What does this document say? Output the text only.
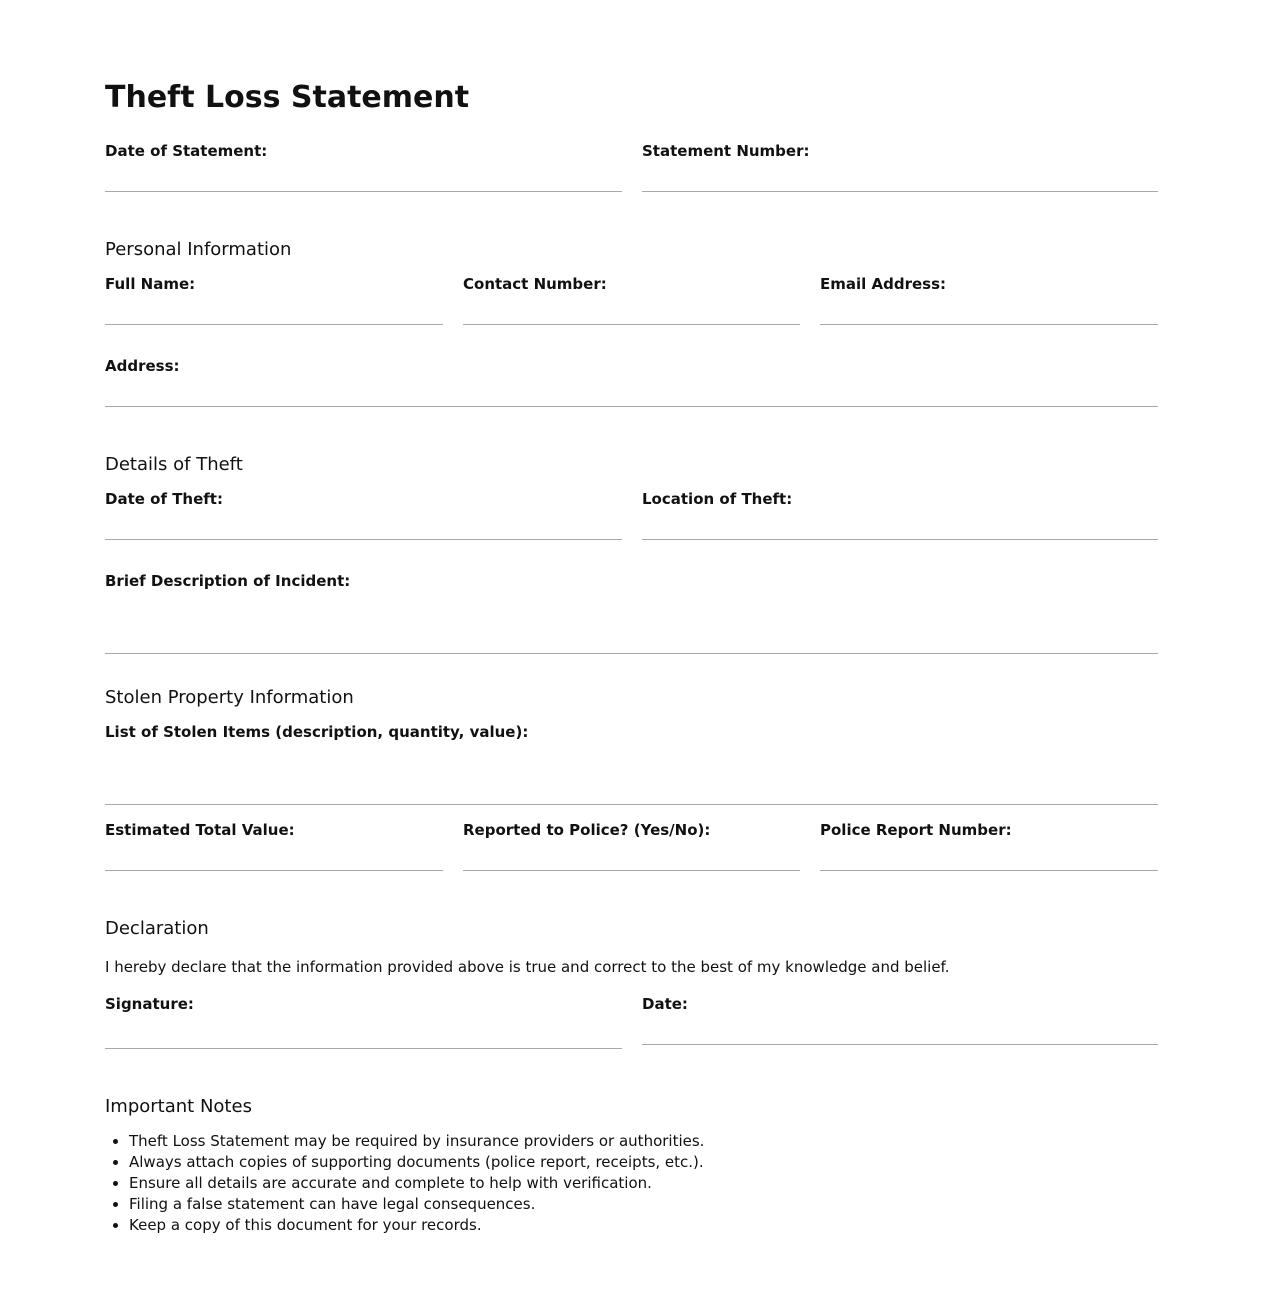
Theft Loss Statement
Date of Statement:	Statement Number:
Personal Information
Full Name:	Contact Number:	Email Address:
Address:
Details of Theft
Date of Theft:	Location of Theft:
Brief Description of Incident:
Stolen Property Information
List of Stolen Items (description, quantity, value):
Estimated Total Value:	Reported to Police? (Yes/No):	Police Report Number:
Declaration
I hereby declare that the information provided above is true and correct to the best of my knowledge and belief.
Signature:	Date:
Important Notes
• Theft Loss Statement may be required by insurance providers or authorities.
• Always attach copies of supporting documents (police report, receipts, etc.).
• Ensure all details are accurate and complete to help with verification.
• Filing a false statement can have legal consequences.
• Keep a copy of this document for your records.
